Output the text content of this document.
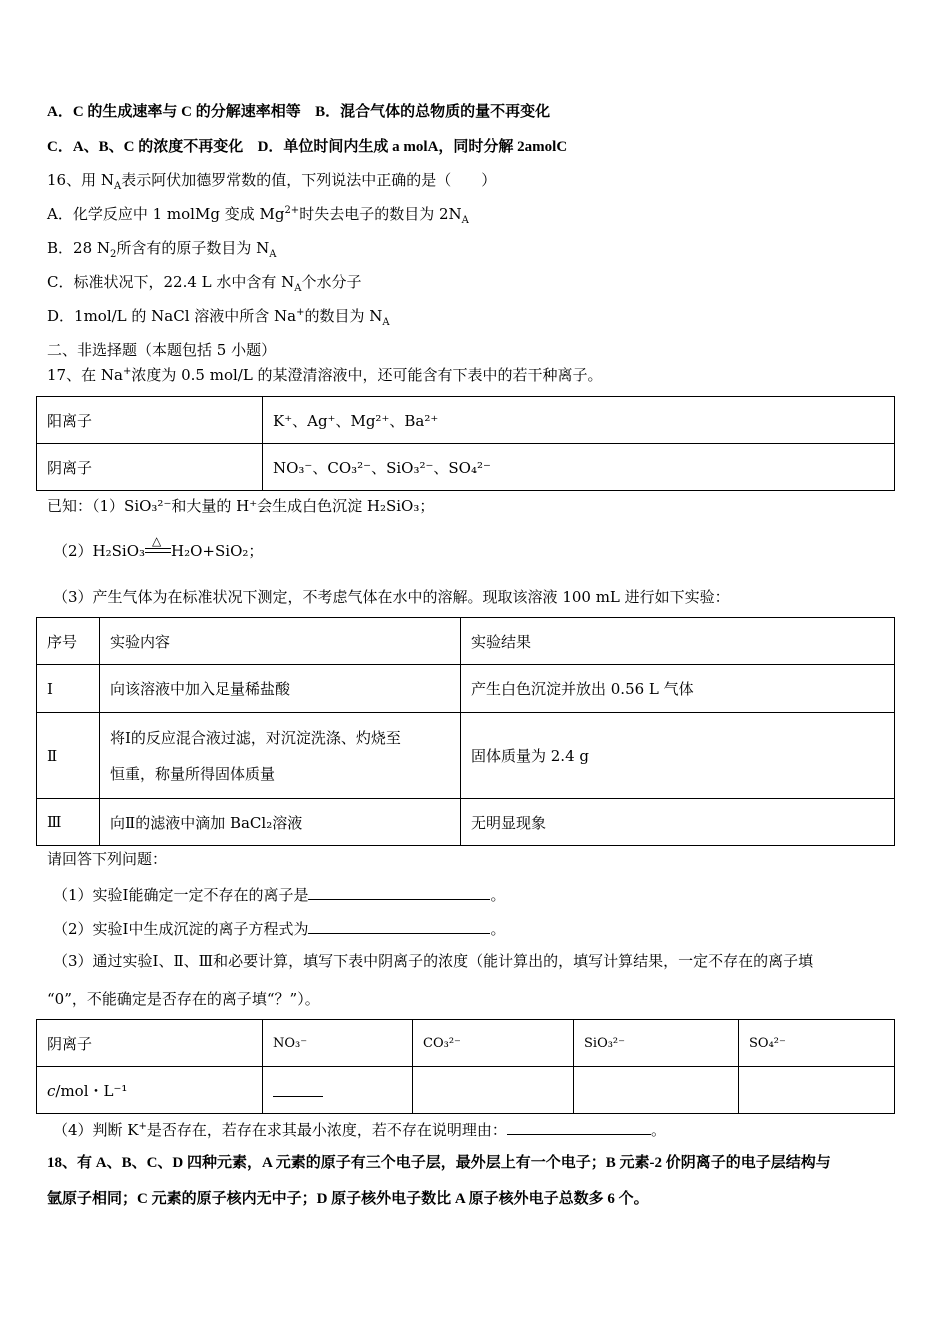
A．C 的生成速率与 C 的分解速率相等 B．混合气体的总物质的量不再变化
C．A、B、C 的浓度不再变化 D．单位时间内生成 a molA，同时分解 2amolC
16、用 $N_A$表示阿伏加德罗常数的值，下列说法中正确的是（　　）
A．化学反应中 1 molMg 变成 $Mg^{2+}$时失去电子的数目为 $2N_A$
B．28 $N_2$所含有的原子数目为 $N_A$
C．标准状况下，22.4 L 水中含有 $N_A$个水分子
D．1mol/L 的 NaCl 溶液中所含 Na+的数目为 $N_A$
二、非选择题（本题包括 5 小题）
17、在 Na+浓度为 0.5 mol/L 的某澄清溶液中，还可能含有下表中的若干种离子。
阳离子	K⁺、Ag⁺、Mg²⁺、Ba²⁺
阴离子	NO₃⁻、CO₃²⁻、SiO₃²⁻、SO₄²⁻
已知：（1）SiO₃²⁻和大量的 H⁺会生成白色沉淀 H₂SiO₃；
（2）H₂SiO₃
△
H₂O+SiO₂；
（3）产生气体为在标准状况下测定，不考虑气体在水中的溶解。现取该溶液 100 mL 进行如下实验：
序号	实验内容	实验结果
Ⅰ	向该溶液中加入足量稀盐酸	产生白色沉淀并放出 0.56 L 气体
Ⅱ	将Ⅰ的反应混合液过滤，对沉淀洗涤、灼烧至
恒重，称量所得固体质量	固体质量为 2.4 g
Ⅲ	向Ⅱ的滤液中滴加 BaCl₂溶液	无明显现象
请回答下列问题：
（1）实验Ⅰ能确定一定不存在的离子是	。
（2）实验Ⅰ中生成沉淀的离子方程式为	。
（3）通过实验Ⅰ、Ⅱ、Ⅲ和必要计算，填写下表中阴离子的浓度（能计算出的，填写计算结果，一定不存在的离子填
“0”，不能确定是否存在的离子填“？”）。
阴离子	NO₃⁻	CO₃²⁻	SiO₃²⁻	SO₄²⁻
c/mol・L⁻¹				
（4）判断 K+是否存在，若存在求其最小浓度，若不存在说明理由：	。
18、有 A、B、C、D 四种元素，A 元素的原子有三个电子层，最外层上有一个电子；B 元素-2 价阴离子的电子层结构与
氩原子相同；C 元素的原子核内无中子；D 原子核外电子数比 A 原子核外电子总数多 6 个。
